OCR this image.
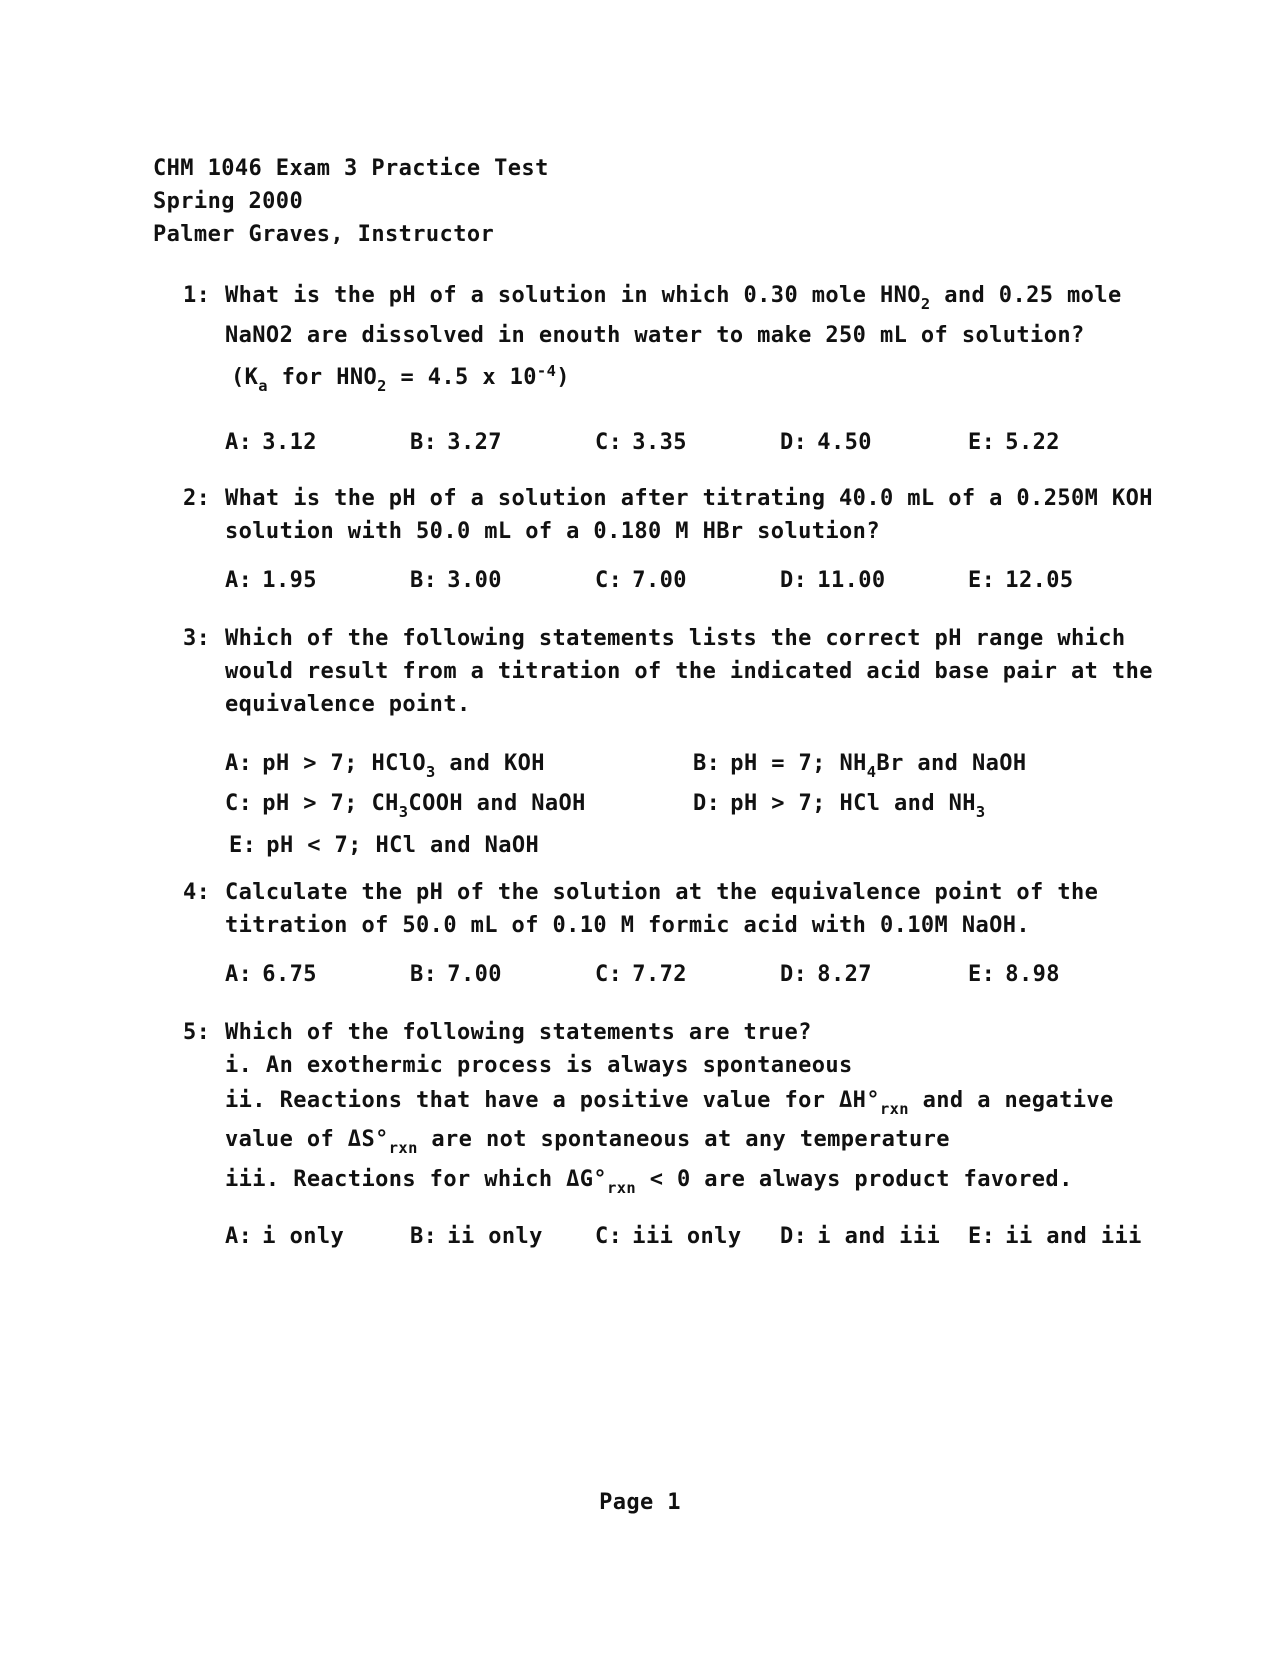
CHM 1046 Exam 3 Practice Test
Spring 2000
Palmer Graves, Instructor
1: What is the pH of a solution in which 0.30 mole $HNO_2$ and 0.25 mole
NaNO2 are dissolved in enouth water to make 250 mL of solution?
($K_a$ for $HNO_2 = 4.5$ x $10^{-4}$)
A: 3.12	B: 3.27	C: 3.35	D: 4.50	E: 5.22
2: What is the pH of a solution after titrating 40.0 mL of a 0.250M KOH
solution with 50.0 mL of a 0.180 M HBr solution?
A: 1.95	B: 3.00	C: 7.00	D: 11.00	E: 12.05
3: Which of the following statements lists the correct pH range which
would result from a titration of the indicated acid base pair at the
equivalence point.
A: pH > 7; HClO$_3$ and KOH	B: pH = 7; $NH_4Br$ and NaOH
C: pH > 7; $CH_3COOH$ and NaOH	D: pH > 7; HCl and $NH_3$
E: pH < 7; HCl and NaOH
4: Calculate the pH of the solution at the equivalence point of the
titration of 50.0 mL of 0.10 M formic acid with 0.10M NaOH.
A: 6.75	B: 7.00	C: 7.72	D: 8.27	E: 8.98
5: Which of the following statements are true?
i. An exothermic process is always spontaneous
ii. Reactions that have a positive value for $\Delta H^\circ_{rxn}$ and a negative
value of $\Delta S^\circ_{rxn}$ are not spontaneous at any temperature
iii. Reactions for which $\Delta G^\circ_{rxn} < 0$ are always product favored.
A: i only	B: ii only C: iii only D: i and iii E: ii and iii
Page 1
